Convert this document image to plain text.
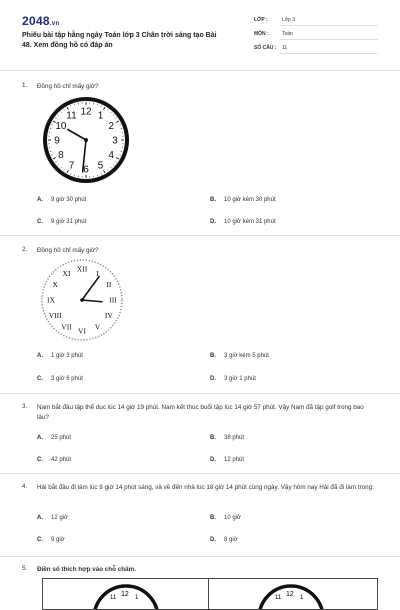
2048.vn
Phiếu bài tập hằng ngày Toán lớp 3 Chân trời sáng tạo Bài 48. Xem đồng hồ có đáp án
LỚP :	Lớp 3
MÔN :	Toán
SỐ CÂU : 11
1. Đồng hồ chỉ mấy giờ?
12 1
2
3
4
5
6
7
8
9
10
11
A. 9 giờ 30 phút	B. 10 giờ kém 30 phút
C. 9 giờ 31 phút	D. 10 giờ kém 31 phút
2. Đồng hồ chỉ mấy giờ?
XII I
II
III
IV
V
VI
VII
VIII
IX
X
XI
A. 1 giờ 3 phút	B. 3 giờ kém 5 phút
C. 3 giờ 6 phút	D. 3 giờ 1 phút
3. Nam bắt đầu tập thể dục lúc 14 giờ 19 phút. Nam kết thúc buổi tập lúc 14 giờ 57 phút. Vậy Nam đã tập golf trong bao lâu?
A. 25 phút	B. 38 phút
C. 42 phút	D. 12 phút
4. Hải bắt đầu đi làm lúc 9 giờ 14 phút sáng, và về đến nhà lúc 18 giờ 14 phút cùng ngày. Vậy hôm nay Hải đã đi làm trong:
A. 12 giờ	B. 10 giờ
C. 9 giờ	D. 8 giờ
5. Điền số thích hợp vào chỗ chấm.
12
11	1	12
11	1
